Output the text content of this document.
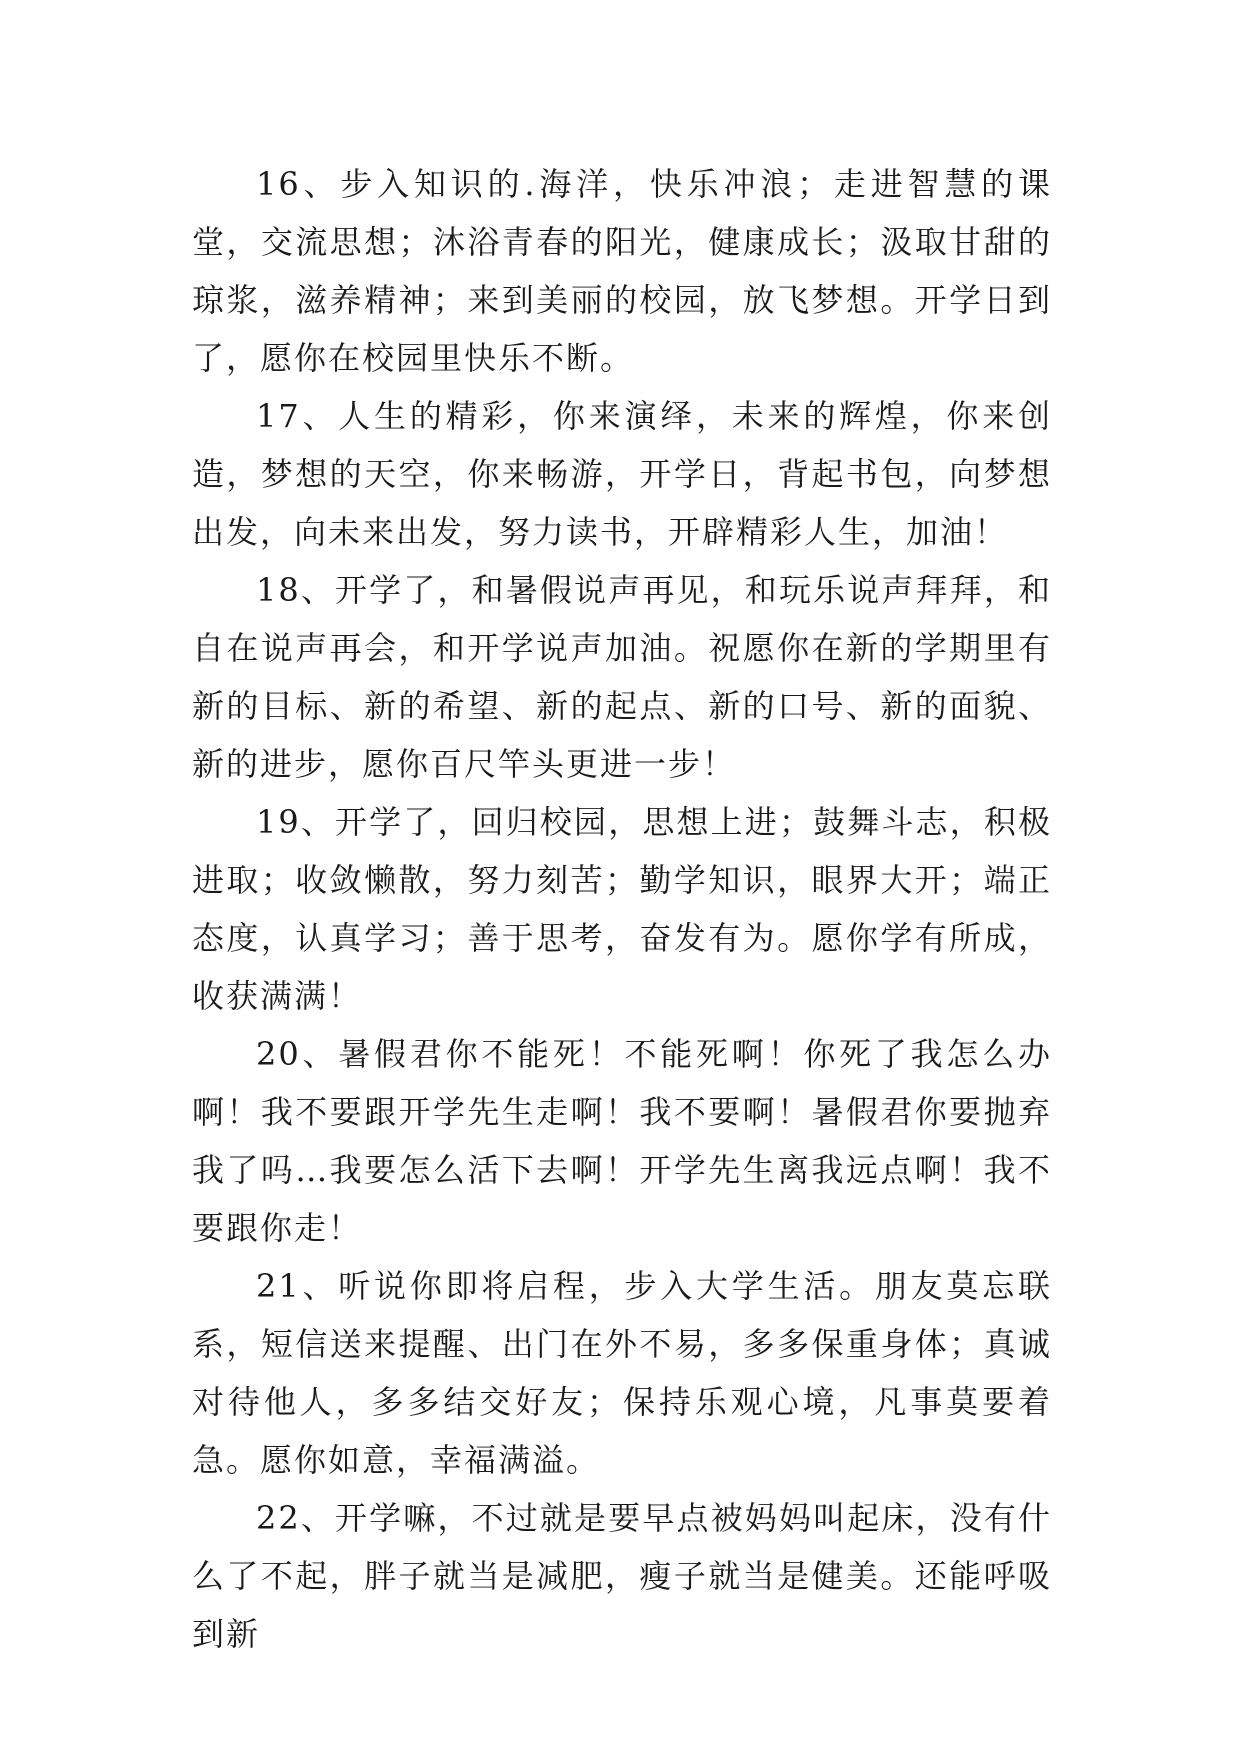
16、步入知识的.海洋，快乐冲浪；走进智慧的课堂，交流思想；沐浴青春的阳光，健康成长；汲取甘甜的琼浆，滋养精神；来到美丽的校园，放飞梦想。开学日到了，愿你在校园里快乐不断。

17、人生的精彩，你来演绎，未来的辉煌，你来创造，梦想的天空，你来畅游，开学日，背起书包，向梦想出发，向未来出发，努力读书，开辟精彩人生，加油！

18、开学了，和暑假说声再见，和玩乐说声拜拜，和自在说声再会，和开学说声加油。祝愿你在新的学期里有新的目标、新的希望、新的起点、新的口号、新的面貌、新的进步，愿你百尺竿头更进一步！

19、开学了，回归校园，思想上进；鼓舞斗志，积极进取；收敛懒散，努力刻苦；勤学知识，眼界大开；端正态度，认真学习；善于思考，奋发有为。愿你学有所成，收获满满！

20、暑假君你不能死！不能死啊！你死了我怎么办啊！我不要跟开学先生走啊！我不要啊！暑假君你要抛弃我了吗…我要怎么活下去啊！开学先生离我远点啊！我不要跟你走！

21、听说你即将启程，步入大学生活。朋友莫忘联系，短信送来提醒、出门在外不易，多多保重身体；真诚对待他人，多多结交好友；保持乐观心境，凡事莫要着急。愿你如意，幸福满溢。

22、开学嘛，不过就是要早点被妈妈叫起床，没有什么了不起，胖子就当是减肥，瘦子就当是健美。还能呼吸到新
